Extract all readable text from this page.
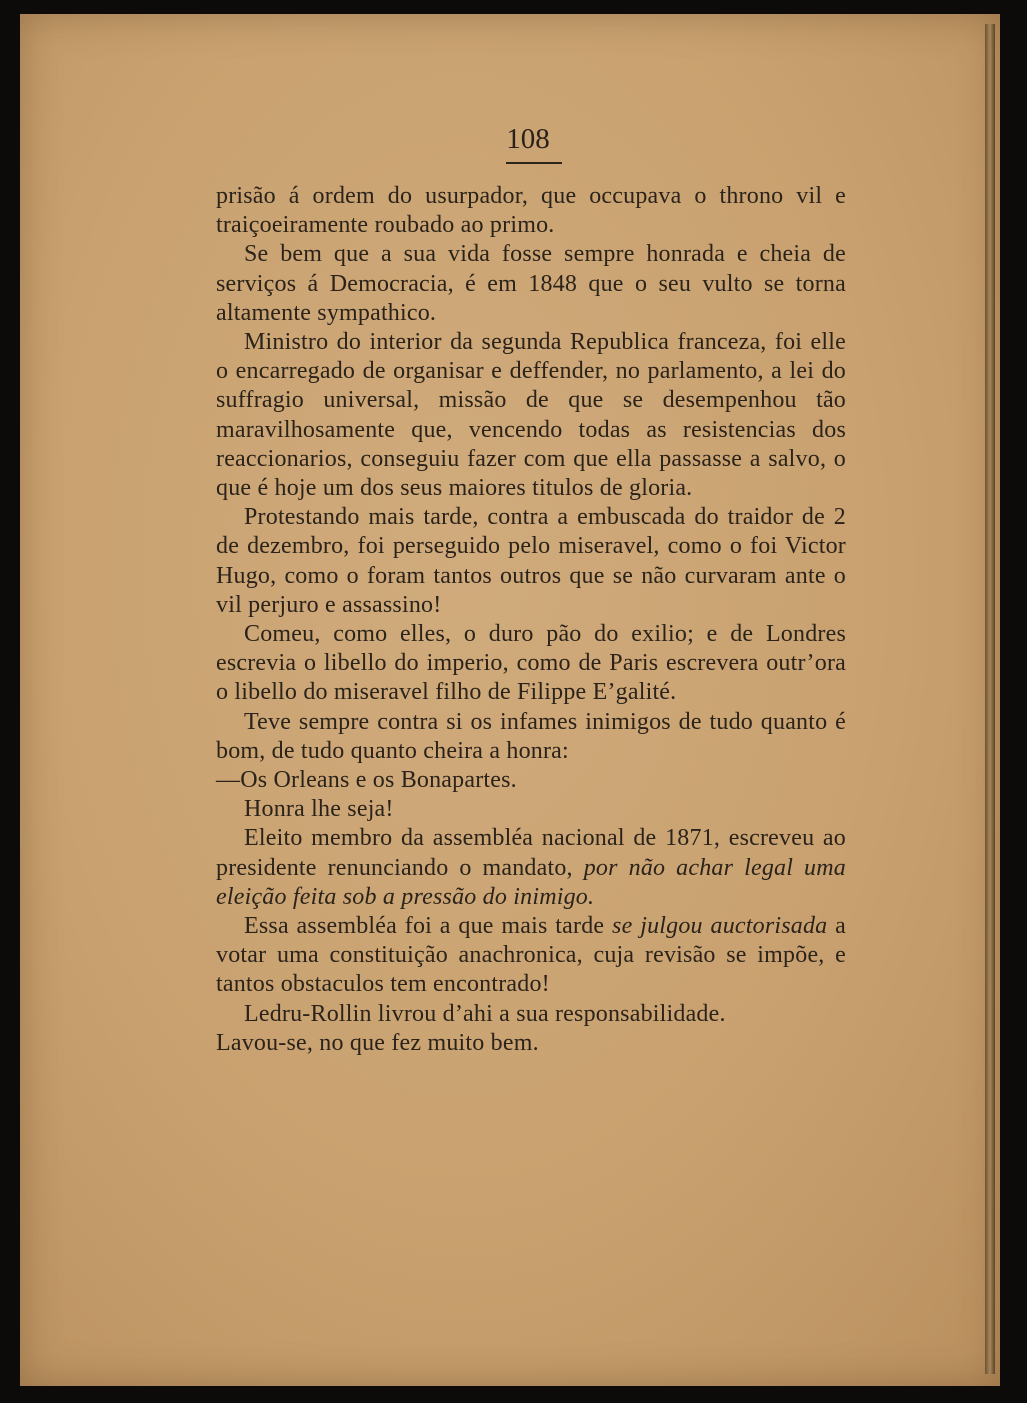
108

prisão á ordem do usurpador, que occupava o throno vil e traiçoeiramente roubado ao primo.

Se bem que a sua vida fosse sempre honrada e cheia de serviços á Democracia, é em 1848 que o seu vulto se torna altamente sympathico.

Ministro do interior da segunda Republica franceza, foi elle o encarregado de organisar e deffender, no parlamento, a lei do suffragio universal, missão de que se desempenhou tão maravilhosamente que, vencendo todas as resistencias dos reaccionarios, conseguiu fazer com que ella passasse a salvo, o que é hoje um dos seus maiores titulos de gloria.

Protestando mais tarde, contra a embuscada do traidor de 2 de dezembro, foi perseguido pelo miseravel, como o foi Victor Hugo, como o foram tantos outros que se não curvaram ante o vil perjuro e assassino!

Comeu, como elles, o duro pão do exilio; e de Londres escrevia o libello do imperio, como de Paris escrevera outr’ora o libello do miseravel filho de Filippe E’galité.

Teve sempre contra si os infames inimigos de tudo quanto é bom, de tudo quanto cheira a honra:

—Os Orleans e os Bonapartes.

Honra lhe seja!

Eleito membro da assembléa nacional de 1871, escreveu ao presidente renunciando o mandato, por não achar legal uma eleição feita sob a pressão do inimigo.

Essa assembléa foi a que mais tarde se julgou auctorisada a votar uma constituição anachronica, cuja revisão se impõe, e tantos obstaculos tem encontrado!

Ledru-Rollin livrou d’ahi a sua responsabilidade.

Lavou-se, no que fez muito bem.
